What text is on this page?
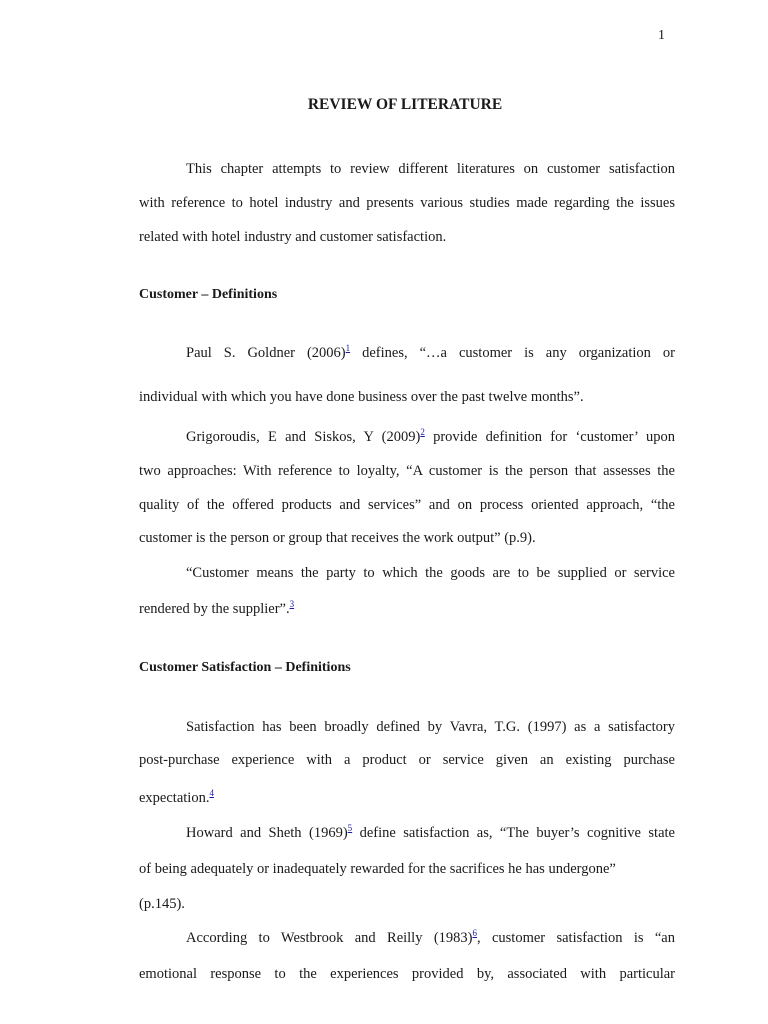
1
REVIEW OF LITERATURE
This chapter attempts to review different literatures on customer satisfaction
with reference to hotel industry and presents various studies made regarding the issues
related with hotel industry and customer satisfaction.
Customer – Definitions
Paul S. Goldner (2006)$^1$ defines, “…a customer is any organization or
individual with which you have done business over the past twelve months”.
Grigoroudis, E and Siskos, Y (2009)$^2$ provide definition for ‘customer’ upon
two approaches: With reference to loyalty, “A customer is the person that assesses the
quality of the offered products and services” and on process oriented approach, “the
customer is the person or group that receives the work output” (p.9).
“Customer means the party to which the goods are to be supplied or service
rendered by the supplier”.$^3$
Customer Satisfaction – Definitions
Satisfaction has been broadly defined by Vavra, T.G. (1997) as a satisfactory
post-purchase experience with a product or service given an existing purchase
expectation.$^4$
Howard and Sheth (1969)$^5$ define satisfaction as, “The buyer’s cognitive state
of being adequately or inadequately rewarded for the sacrifices he has undergone”
(p.145).
According to Westbrook and Reilly (1983)$^6$, customer satisfaction is “an
emotional response to the experiences provided by, associated with particular
